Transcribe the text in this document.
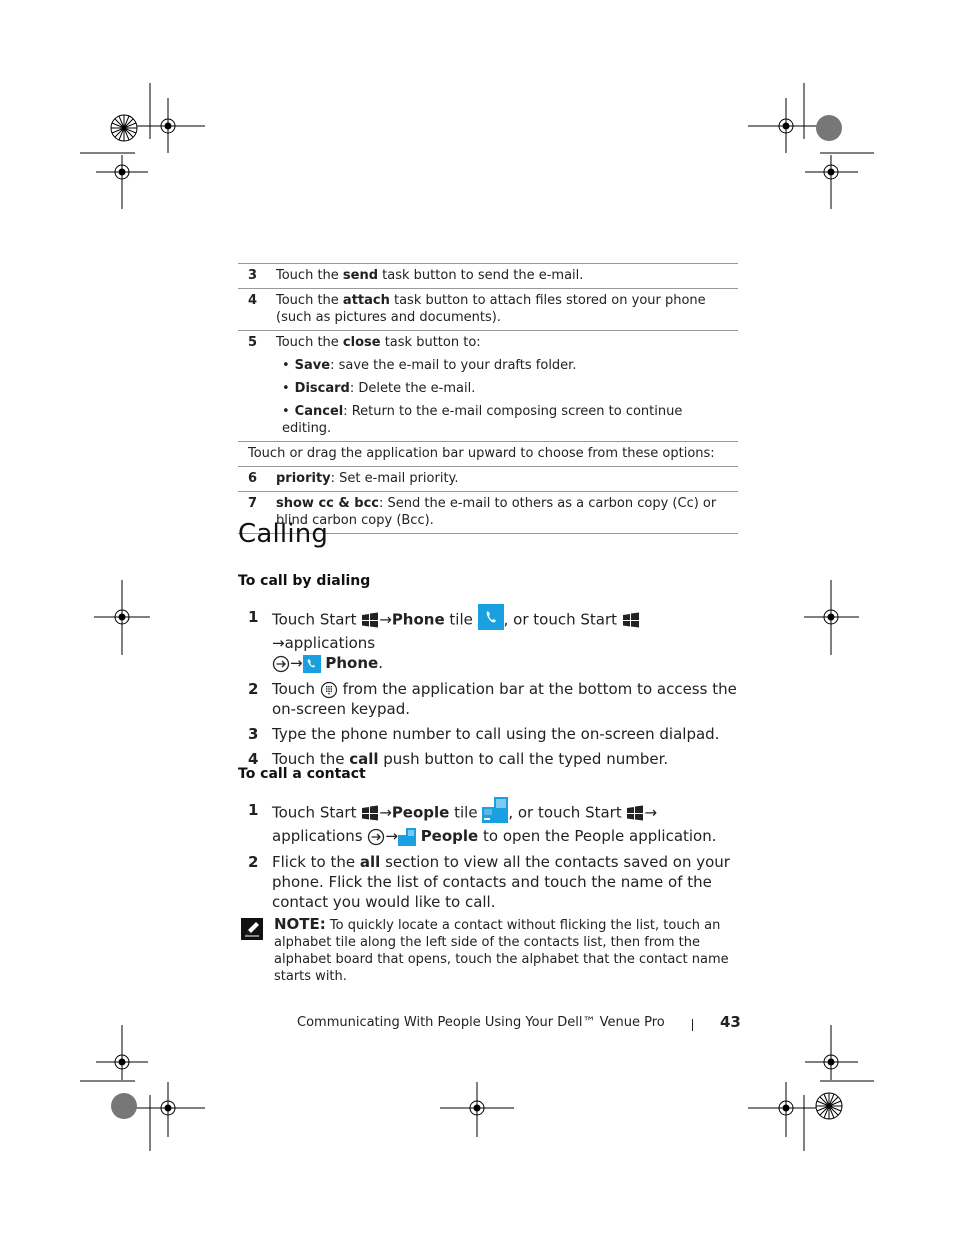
3 Touch the send task button to send the e-mail.
4 Touch the attach task button to attach files stored on your phone (such as pictures and documents).
5 Touch the close task button to:
• Save: save the e-mail to your drafts folder.
• Discard: Delete the e-mail.
• Cancel: Return to the e-mail composing screen to continue editing.
Touch or drag the application bar upward to choose from these options:
6 priority: Set e-mail priority.
7 show cc & bcc: Send the e-mail to others as a carbon copy (Cc) or blind carbon copy (Bcc).
Calling
To call by dialing
1 Touch Start →Phone tile , or touch Start →applications
→ Phone.
2 Touch  from the application bar at the bottom to access the on-screen keypad.
3 Type the phone number to call using the on-screen dialpad.
4 Touch the call push button to call the typed number.
To call a contact
1 Touch Start →People tile , or touch Start →
applications → People to open the People application.
2 Flick to the all section to view all the contacts saved on your phone. Flick the list of contacts and touch the name of the contact you would like to call.
NOTE: To quickly locate a contact without flicking the list, touch an alphabet tile along the left side of the contacts list, then from the alphabet board that opens, touch the alphabet that the contact name starts with.
Communicating With People Using Your Dell™ Venue Pro	43
